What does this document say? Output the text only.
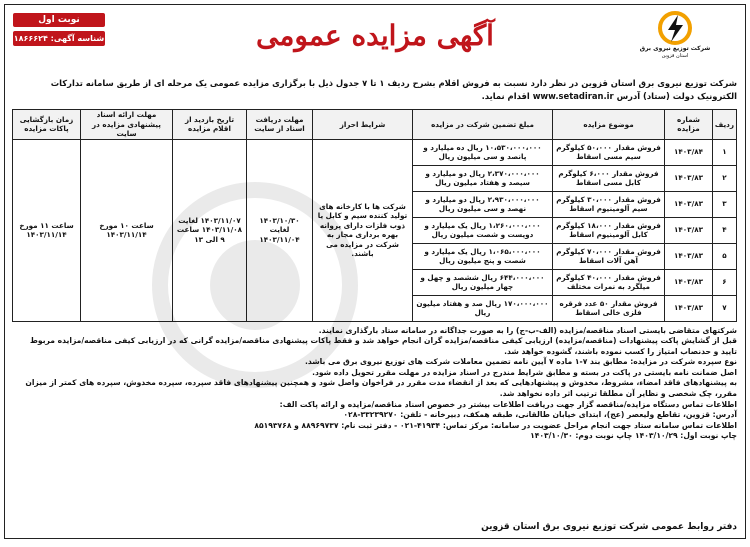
نوبت اول
شناسه آگهی: ۱۸۶۶۶۲۴	آگهی مزایده عمومی	شرکت توزیع نیروی برق
استان قزوین
شرکت توزیع نیروی برق استان قزوین در نظر دارد نسبت به فروش اقلام بشرح ردیف ۱ تا ۷ جدول ذیل با برگزاری مزایده عمومی یک مرحله ای از طریق سامانه تدارکات الکترونیک دولت (ستاد) آدرس www.setadiran.ir اقدام نماید.
ردیف	شماره مزایده	موضوع مزایده	مبلغ تضمین شرکت در مزایده	شرایط احراز	مهلت دریافت اسناد از سایت	تاریخ بازدید از اقلام مزایده	مهلت ارائه اسناد پیشنهادی مزایده در سایت	زمان بازگشایی پاکات مزایده
۱	۱۴۰۳/۸۴	فروش مقدار ۵۰،۰۰۰ کیلوگرم سیم مسی اسقاط	۱۰،۵۳۰،۰۰۰،۰۰۰ ریال ده میلیارد و پانصد و سی میلیون ریال	شرکت ها با کارخانه های تولید کننده سیم و کابل یا ذوب فلزات دارای پروانه بهره برداری مجاز به شرکت در مزایده می باشند.	۱۴۰۳/۱۰/۳۰ لغایت ۱۴۰۳/۱۱/۰۴	۱۴۰۳/۱۱/۰۷ لغایت ۱۴۰۳/۱۱/۰۸ ساعت ۹ الی ۱۳	ساعت ۱۰ مورخ ۱۴۰۳/۱۱/۱۴	ساعت ۱۱ مورخ ۱۴۰۳/۱۱/۱۴
۲	۱۴۰۳/۸۳	فروش مقدار ۶،۰۰۰ کیلوگرم کابل مسی اسقاط	۲،۳۷۰،۰۰۰،۰۰۰ ریال دو میلیارد و سیصد و هفتاد میلیون ریال					
۳	۱۴۰۳/۸۳	فروش مقدار ۳۰،۰۰۰ کیلوگرم سیم آلومینیوم اسقاط	۲،۹۳۰،۰۰۰،۰۰۰ ریال دو میلیارد و نهصد و سی میلیون ریال					
۴	۱۴۰۳/۸۳	فروش مقدار ۱۸،۰۰۰ کیلوگرم کابل آلومینیوم اسقاط	۱،۲۶۰،۰۰۰،۰۰۰ ریال یک میلیارد و دویست و شصت میلیون ریال					
۵	۱۴۰۳/۸۳	فروش مقدار ۷۰،۰۰۰ کیلوگرم آهن آلات اسقاط	۱،۰۶۵،۰۰۰،۰۰۰ ریال یک میلیارد و شصت و پنج میلیون ریال					
۶	۱۴۰۳/۸۳	فروش مقدار ۴۰،۰۰۰ کیلوگرم میلگرد به نمرات مختلف	۶۴۴،۰۰۰،۰۰۰ ریال ششصد و چهل و چهار میلیون ریال					
۷	۱۴۰۳/۸۳	فروش مقدار ۵۰ عدد فرقره فلزی خالی اسقاط	۱۷۰،۰۰۰،۰۰۰ ریال صد و هفتاد میلیون ریال					

شرکتهای متقاضی بایستی اسناد مناقصه/مزایده (الف-ب-ج) را به صورت جداگانه در سامانه ستاد بارگذاری نمایند.

قبل از گشایش پاکت پیشنهادات (مناقصه/مزایده) ارزیابی کیفی مناقصه/مزایده گران انجام خواهد شد و فقط پاکات پیشنهادی مناقصه/مزایده گرانی که در ارزیابی کیفی مناقصه/مزایده مربوط تایید و حدنصاب امتیاز را کسب نموده باشند، گشوده خواهد شد.

نوع سپرده شرکت در مزایده: مطابق بند ۷-۱ ماده ۷ آیین نامه تضمین معاملات شرکت های توزیع نیروی برق می باشد.

اصل ضمانت نامه بایستی در پاکت در بسته و مطابق شرایط مندرج در اسناد مزایده در مهلت مقرر تحویل داده شود.

به پیشنهادهای فاقد امضاء، مشروط، مخدوش و پیشنهادهایی که بعد از انقضاء مدت مقرر در فراخوان واصل شود و همچنین پیشنهادهای فاقد سپرده، سپرده مخدوش، سپرده های کمتر از میزان مقرر، چک شخصی و نظایر آن مطلقا ترتیب اثر داده نخواهد شد.

اطلاعات تماس دستگاه مزایده/مناقصه گزار جهت دریافت اطلاعات بیشتر در خصوص اسناد مناقصه/مزایده و ارائه پاکت الف:

آدرس: قزوین، تقاطع ولیعصر (عج)، ابتدای خیابان طالقانی، طبقه همکف، دبیرخانه - تلفن: ۳۳۲۳۹۲۷۰-۰۲۸

اطلاعات تماس سامانه ستاد جهت انجام مراحل عضویت در سامانه: مرکز تماس: ۴۱۹۳۴-۰۲۱ - دفتر ثبت نام: ۸۸۹۶۹۷۳۷ و ۸۵۱۹۳۷۶۸

چاپ نوبت اول: ۱۴۰۳/۱۰/۲۹ چاپ نوبت دوم: ۱۴۰۳/۱۰/۳۰

دفتر روابط عمومی شرکت توزیع نیروی برق استان قزوین
